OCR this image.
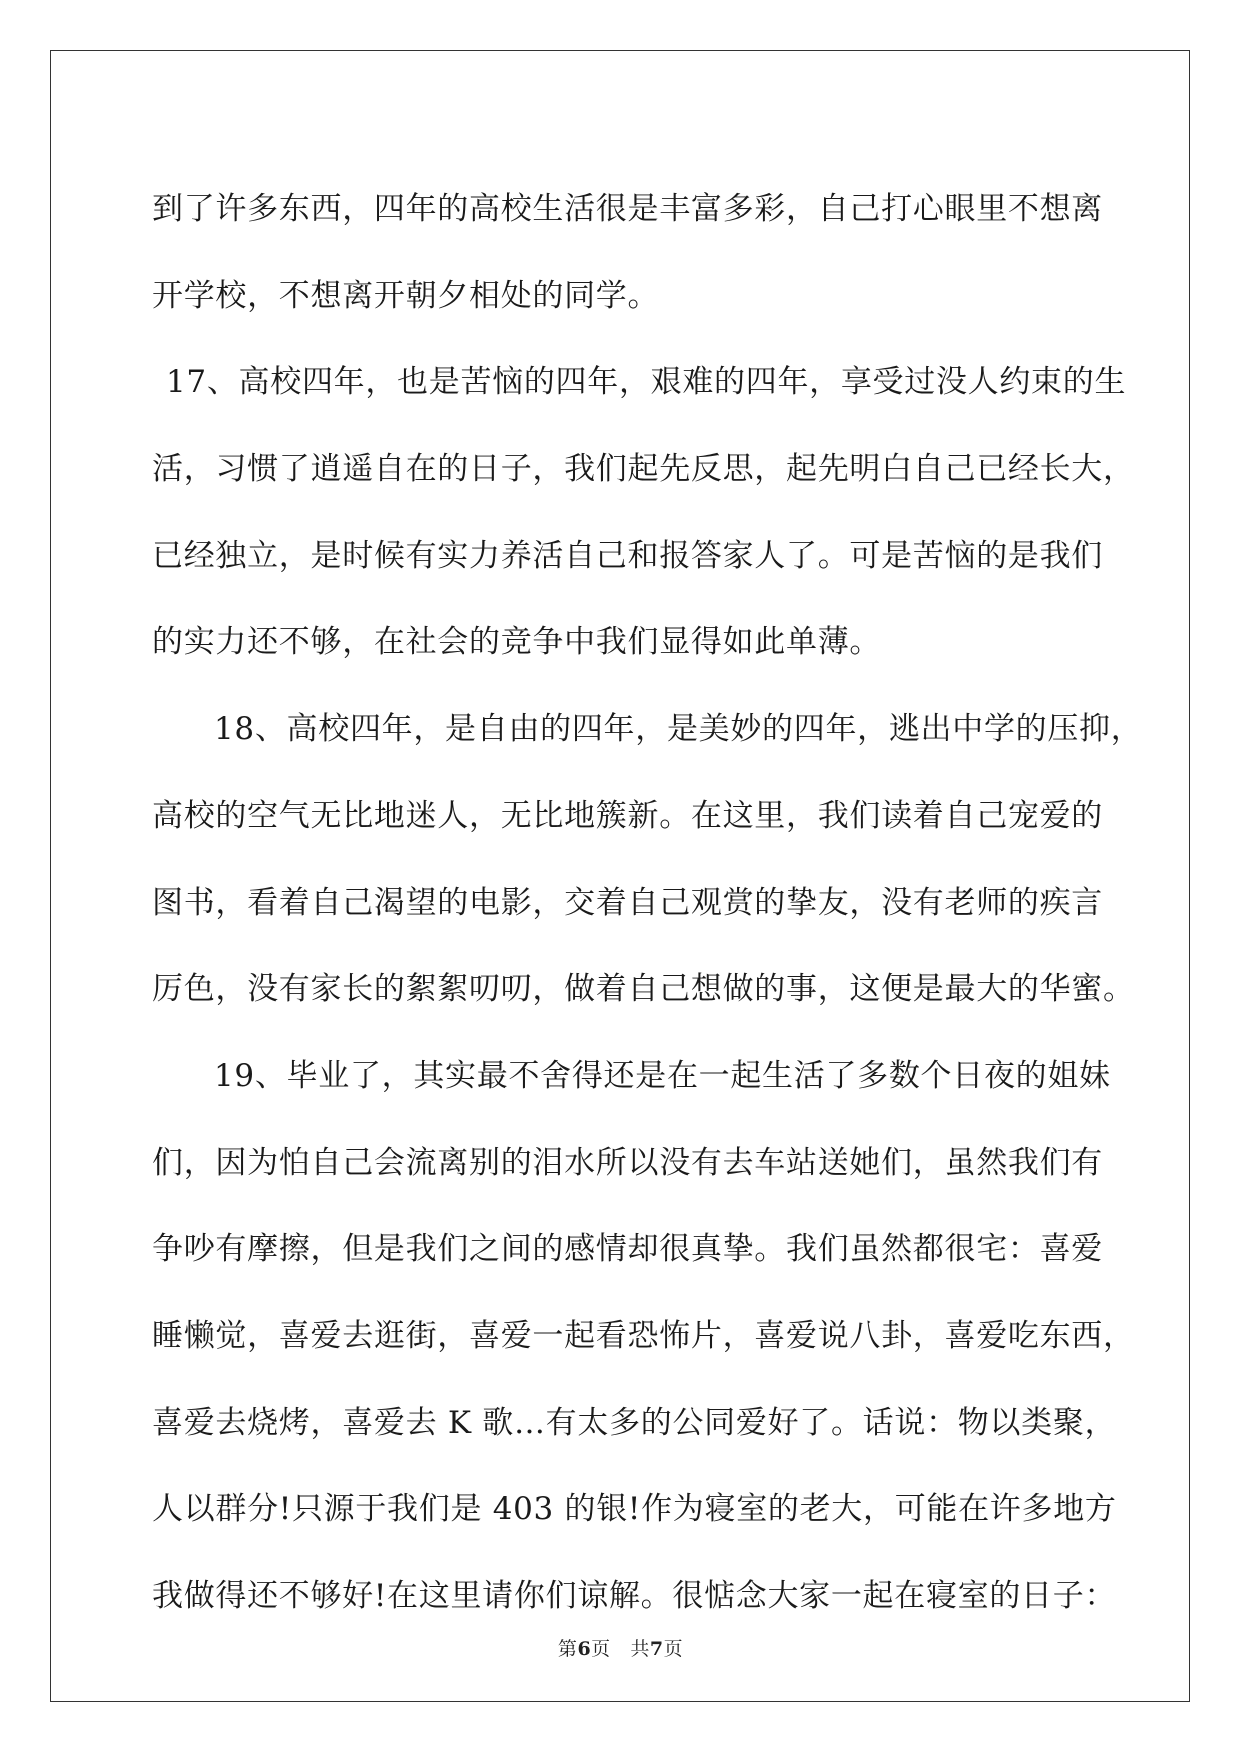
到了许多东西，四年的高校生活很是丰富多彩，自己打心眼里不想离
开学校，不想离开朝夕相处的同学。
17、高校四年，也是苦恼的四年，艰难的四年，享受过没人约束的生
活，习惯了逍遥自在的日子，我们起先反思，起先明白自己已经长大，
已经独立，是时候有实力养活自己和报答家人了。可是苦恼的是我们
的实力还不够，在社会的竞争中我们显得如此单薄。
18、高校四年，是自由的四年，是美妙的四年，逃出中学的压抑，
高校的空气无比地迷人，无比地簇新。在这里，我们读着自己宠爱的
图书，看着自己渴望的电影，交着自己观赏的挚友，没有老师的疾言
厉色，没有家长的絮絮叨叨，做着自己想做的事，这便是最大的华蜜。
19、毕业了，其实最不舍得还是在一起生活了多数个日夜的姐妹
们，因为怕自己会流离别的泪水所以没有去车站送她们，虽然我们有
争吵有摩擦，但是我们之间的感情却很真挚。我们虽然都很宅：喜爱
睡懒觉，喜爱去逛街，喜爱一起看恐怖片，喜爱说八卦，喜爱吃东西，
喜爱去烧烤，喜爱去 K 歌…有太多的公同爱好了。话说：物以类聚，
人以群分!只源于我们是 403 的银!作为寝室的老大，可能在许多地方
我做得还不够好!在这里请你们谅解。很惦念大家一起在寝室的日子：
第6页 共7页
